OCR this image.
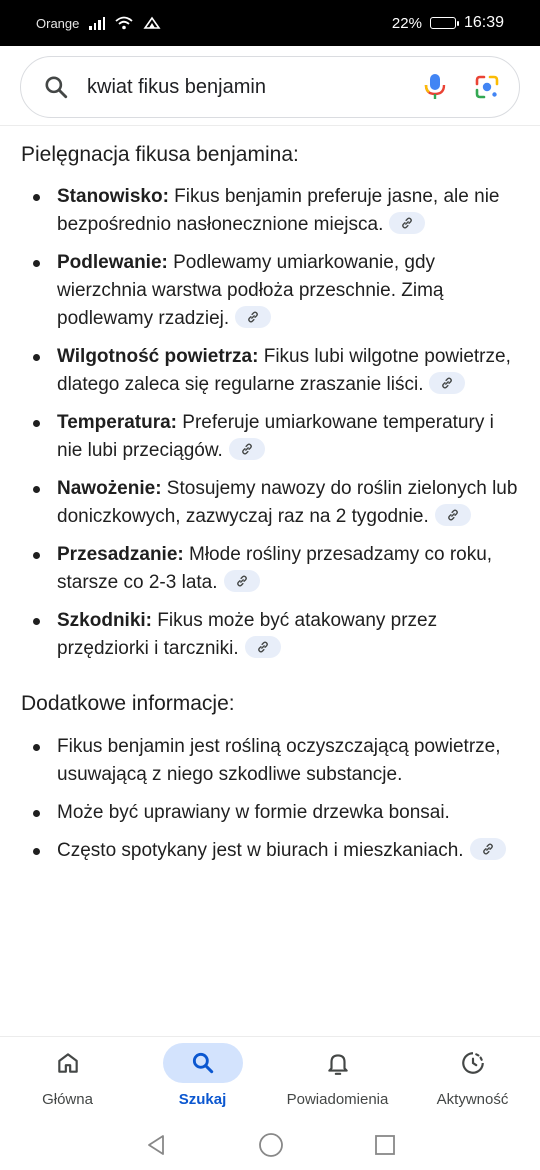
Orange	22%	16:39
kwiat fikus benjamin
Pielęgnacja fikusa benjamina:
Stanowisko: Fikus benjamin preferuje jasne, ale nie bezpośrednio nasłonecznione miejsca.
Podlewanie: Podlewamy umiarkowanie, gdy wierzchnia warstwa podłoża przeschnie. Zimą podlewamy rzadziej.
Wilgotność powietrza: Fikus lubi wilgotne powietrze, dlatego zaleca się regularne zraszanie liści.
Temperatura: Preferuje umiarkowane temperatury i nie lubi przeciągów.
Nawożenie: Stosujemy nawozy do roślin zielonych lub doniczkowych, zazwyczaj raz na 2 tygodnie.
Przesadzanie: Młode rośliny przesadzamy co roku, starsze co 2-3 lata.
Szkodniki: Fikus może być atakowany przez przędziorki i tarczniki.
Dodatkowe informacje:
Fikus benjamin jest rośliną oczyszczającą powietrze, usuwającą z niego szkodliwe substancje.
Może być uprawiany w formie drzewka bonsai.
Często spotykany jest w biurach i mieszkaniach.
Główna	Szukaj	Powiadomienia	Aktywność
